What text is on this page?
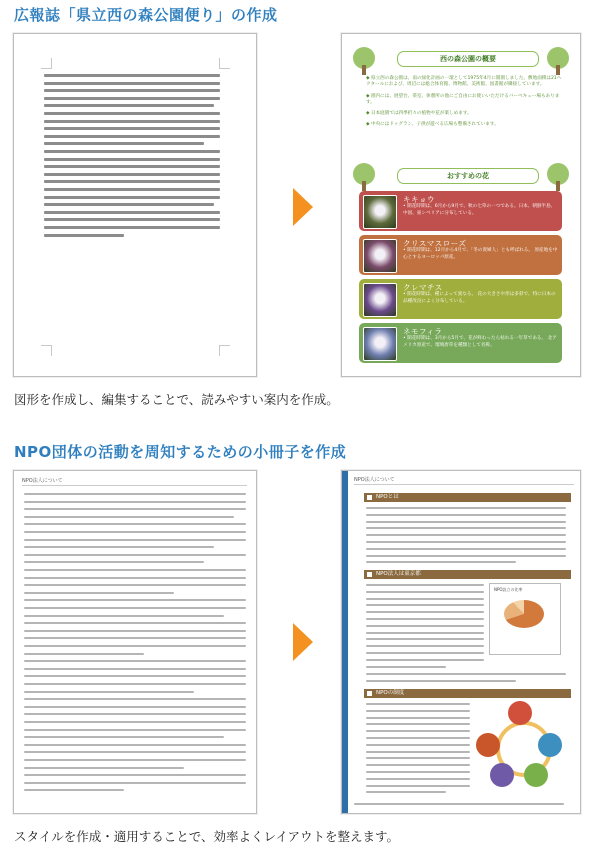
広報誌「県立西の森公園便り」の作成
西の森公園の概要
◆ 県立西の森公園は、南の緑化計画の一環として1975年4月に開園しました。敷地面積は21ヘクタールにおよび、周辺には総合体育館、博物館、美術館、図書館が隣接しています。
◆ 園内には、展望台、茶室、休憩所の他にご自由にお使いいただけるバーベキュー場もあります。
◆ 日本庭園では四季折々の植物や花が楽しめます。
◆ 中央にはドッグラン、子供が遊べる広場も整備されています。
おすすめの花
キキョウ
• 開花時期は、6月から9月で、秋の七草の一つである。日本、朝鮮半島、中国、東シベリアに分布している。
クリスマスローズ
• 開花時期は、12月から4月で、「冬の貴婦人」とも呼ばれる。 原産地を中心とするヨーロッパ原産。
クレマチス
• 開花時期は、種によって異なる。 花の大きさや形は多彩で、特に日本の品種改良によく分布している。
ネモフィラ
• 開花時期は、3月から5月で、花が終わったら枯れる一年草である。 北アメリカ原産で、瑠璃唐草を種類として名称。
図形を作成し、編集することで、読みやすい案内を作成。
NPO団体の活動を周知するための小冊子を作成
NPO法人について	NPO法人について
NPOとは
NPO法人は東京都
NPO設立の比率
NPOの制度
スタイルを作成・適用することで、効率よくレイアウトを整えます。
